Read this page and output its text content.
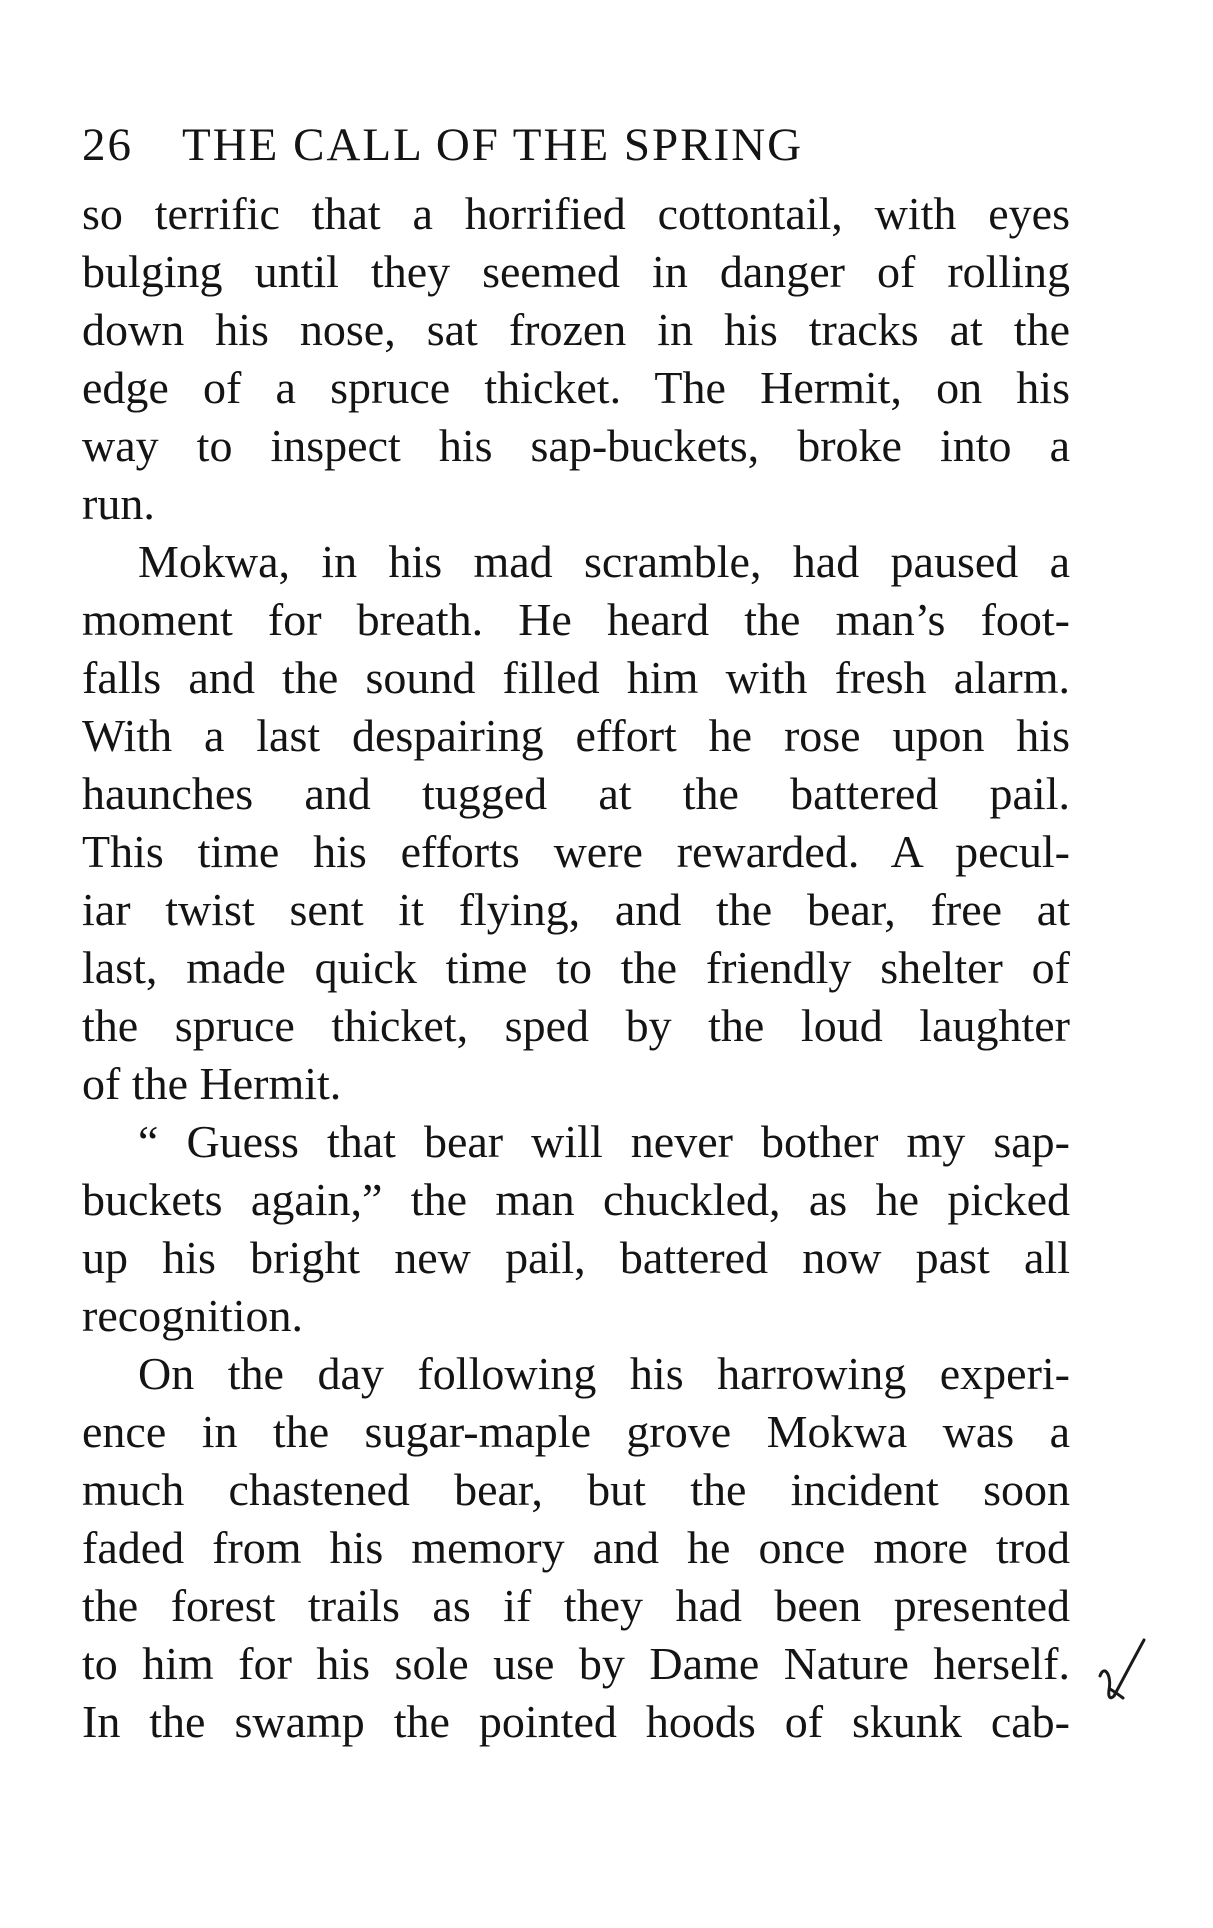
26 THE CALL OF THE SPRING
so terrific that a horrified cottontail, with eyes
bulging until they seemed in danger of rolling
down his nose, sat frozen in his tracks at the
edge of a spruce thicket. The Hermit, on his
way to inspect his sap-buckets, broke into a
run.
Mokwa, in his mad scramble, had paused a
moment for breath. He heard the man’s foot-
falls and the sound filled him with fresh alarm.
With a last despairing effort he rose upon his
haunches and tugged at the battered pail.
This time his efforts were rewarded. A pecul-
iar twist sent it flying, and the bear, free at
last, made quick time to the friendly shelter of
the spruce thicket, sped by the loud laughter
of the Hermit.
“ Guess that bear will never bother my sap-
buckets again,” the man chuckled, as he picked
up his bright new pail, battered now past all
recognition.
On the day following his harrowing experi-
ence in the sugar-maple grove Mokwa was a
much chastened bear, but the incident soon
faded from his memory and he once more trod
the forest trails as if they had been presented
to him for his sole use by Dame Nature herself.
In the swamp the pointed hoods of skunk cab-
